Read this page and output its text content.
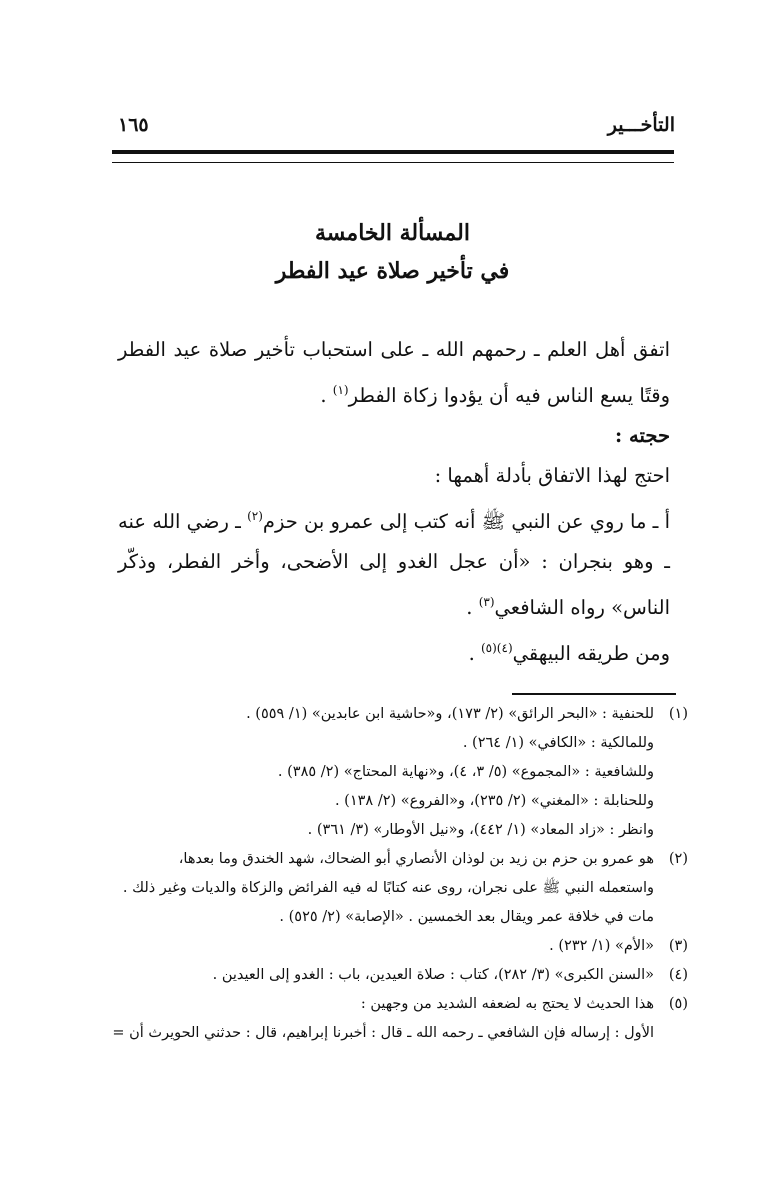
التأخـــير
١٦٥
المسألة الخامسة
في تأخير صلاة عيد الفطر

اتفق أهل العلم ـ رحمهم الله ـ على استحباب تأخير صلاة عيد الفطر وقتًا يسع الناس فيه أن يؤدوا زكاة الفطر$^{(١)}$ .

حجته :

احتج لهذا الاتفاق بأدلة أهمها :

أ ـ ما روي عن النبي ﷺ أنه كتب إلى عمرو بن حزم$^{(٢)}$ ـ رضي الله عنه ـ وهو بنجران : «أن عجل الغدو إلى الأضحى، وأخر الفطر، وذكّر الناس» رواه الشافعي$^{(٣)}$ .

ومن طريقه البيهقي$^{(٤)(٥)}$ .

(١)
للحنفية : «البحر الرائق» (٢/ ١٧٣)، و«حاشية ابن عابدين» (١/ ٥٥٩) .
وللمالكية : «الكافي» (١/ ٢٦٤) .
وللشافعية : «المجموع» (٥/ ٣، ٤)، و«نهاية المحتاج» (٢/ ٣٨٥) .
وللحنابلة : «المغني» (٢/ ٢٣٥)، و«الفروع» (٢/ ١٣٨) .
وانظر : «زاد المعاد» (١/ ٤٤٢)، و«نيل الأوطار» (٣/ ٣٦١) .
(٢)
هو عمرو بن حزم بن زيد بن لوذان الأنصاري أبو الضحاك، شهد الخندق وما بعدها،
واستعمله النبي ﷺ على نجران، روى عنه كتابًا له فيه الفرائض والزكاة والديات وغير ذلك .
مات في خلافة عمر ويقال بعد الخمسين . «الإصابة» (٢/ ٥٢٥) .
(٣)
«الأم» (١/ ٢٣٢) .
(٤)
«السنن الكبرى» (٣/ ٢٨٢)، كتاب : صلاة العيدين، باب : الغدو إلى العيدين .
(٥)
هذا الحديث لا يحتج به لضعفه الشديد من وجهين :
الأول : إرساله فإن الشافعي ـ رحمه الله ـ قال : أخبرنا إبراهيم، قال : حدثني الحويرث أن =
